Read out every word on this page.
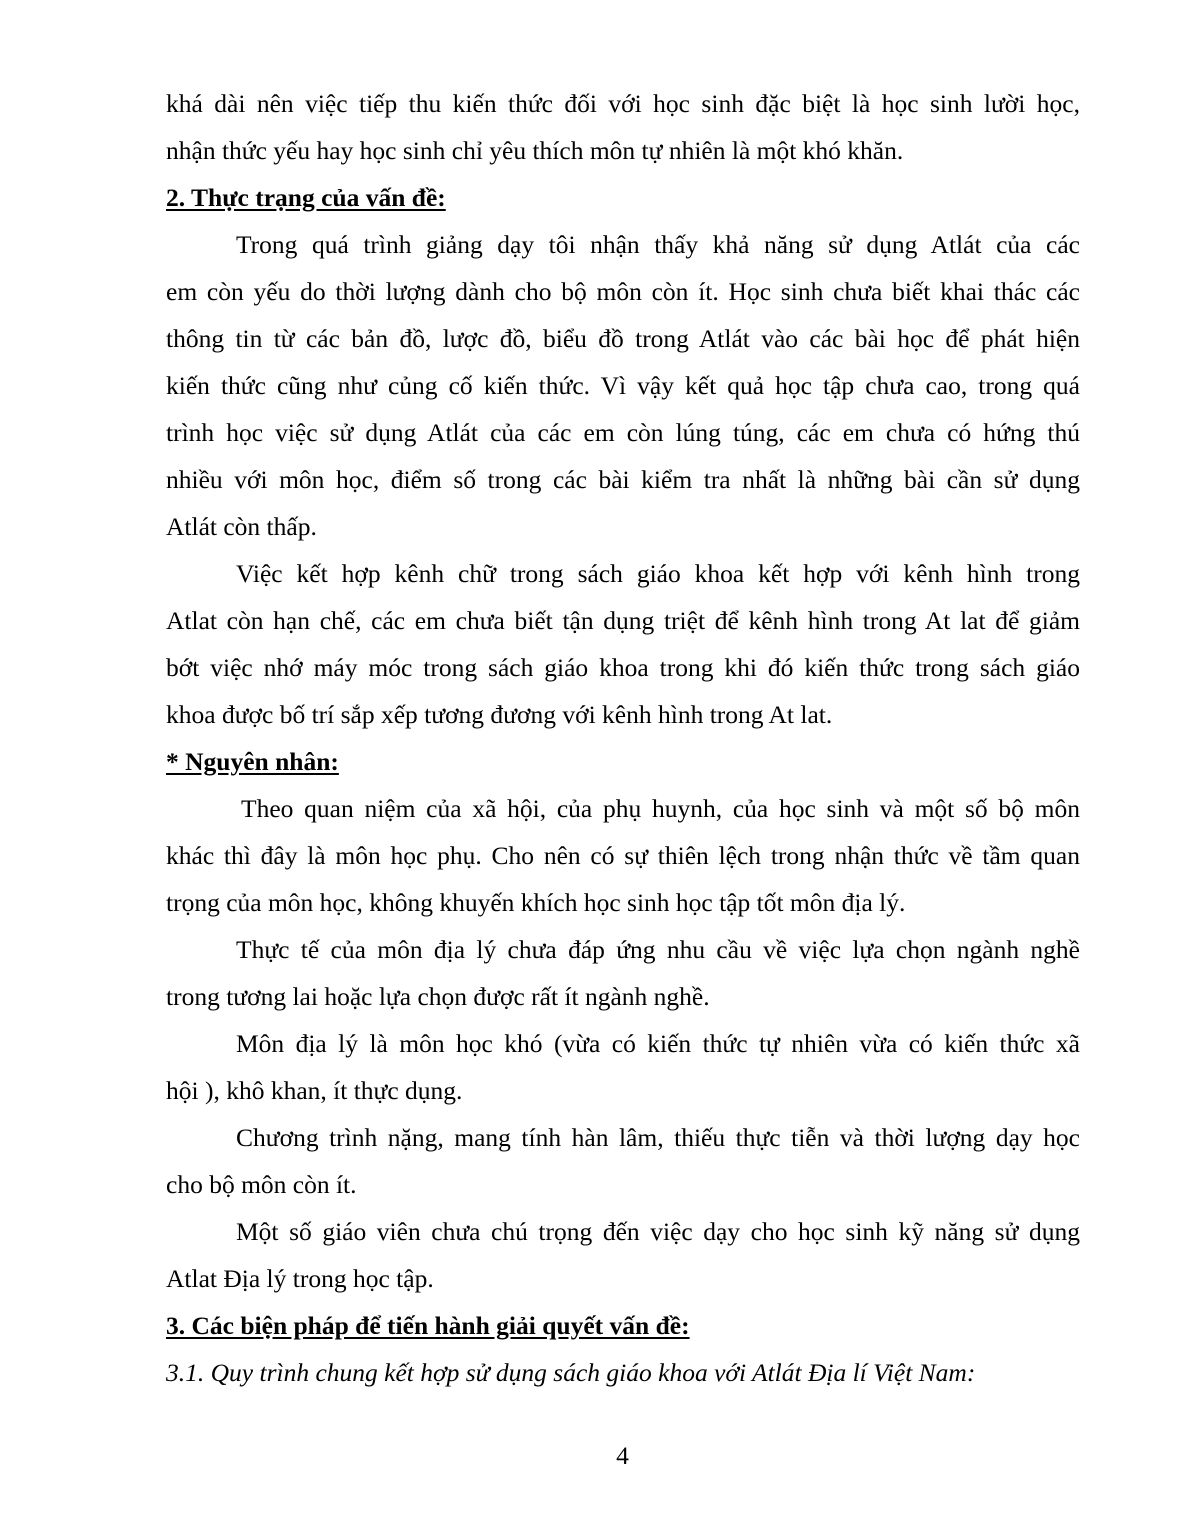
khá dài nên việc tiếp thu kiến thức đối với học sinh đặc biệt là học sinh lười học,
nhận thức yếu hay học sinh chỉ yêu thích môn tự nhiên là một khó khăn.
2. Thực trạng của vấn đề:
Trong quá trình giảng dạy tôi nhận thấy khả năng sử dụng Atlát của các
em còn yếu do thời lượng dành cho bộ môn còn ít. Học sinh chưa biết khai thác các
thông tin từ các bản đồ, lược đồ, biểu đồ trong Atlát vào các bài học để phát hiện
kiến thức cũng như củng cố kiến thức. Vì vậy kết quả học tập chưa cao, trong quá
trình học việc sử dụng Atlát của các em còn lúng túng, các em chưa có hứng thú
nhiều với môn học, điểm số trong các bài kiểm tra nhất là những bài cần sử dụng
Atlát còn thấp.
Việc kết hợp kênh chữ trong sách giáo khoa kết hợp với kênh hình trong
Atlat còn hạn chế, các em chưa biết tận dụng triệt để kênh hình trong At lat để giảm
bớt việc nhớ máy móc trong sách giáo khoa trong khi đó kiến thức trong sách giáo
khoa được bố trí sắp xếp tương đương với kênh hình trong At lat.
* Nguyên nhân:
Theo quan niệm của xã hội, của phụ huynh, của học sinh và một số bộ môn
khác thì đây là môn học phụ. Cho nên có sự thiên lệch trong nhận thức về tầm quan
trọng của môn học, không khuyến khích học sinh học tập tốt môn địa lý.
Thực tế của môn địa lý chưa đáp ứng nhu cầu về việc lựa chọn ngành nghề
trong tương lai hoặc lựa chọn được rất ít ngành nghề.
Môn địa lý là môn học khó (vừa có kiến thức tự nhiên vừa có kiến thức xã
hội ), khô khan, ít thực dụng.
Chương trình nặng, mang tính hàn lâm, thiếu thực tiễn và thời lượng dạy học
cho bộ môn còn ít.
Một số giáo viên chưa chú trọng đến việc dạy cho học sinh kỹ năng sử dụng
Atlat Địa lý trong học tập.
3. Các biện pháp để tiến hành giải quyết vấn đề:
3.1. Quy trình chung kết hợp sử dụng sách giáo khoa với Atlát Địa lí Việt Nam:
4
